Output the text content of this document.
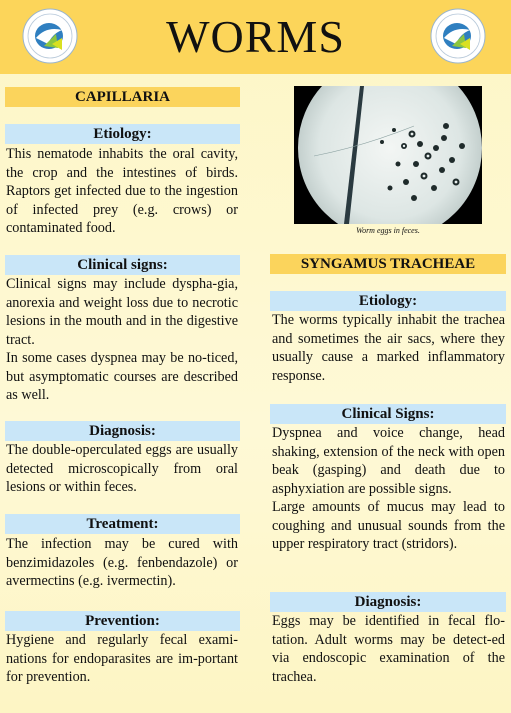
WORMS
CAPILLARIA
Etiology:

This nematode inhabits the oral cavity, the crop and the intestines of birds. Raptors get infected due to the ingestion of infected prey (e.g. crows) or contaminated food.

Clinical signs:

Clinical signs may include dyspha-gia, anorexia and weight loss due to necrotic lesions in the mouth and in the digestive tract.

In some cases dyspnea may be no-ticed, but asymptomatic courses are described as well.

Diagnosis:

The double-operculated eggs are usually detected microscopically from oral lesions or within feces.

Treatment:

The infection may be cured with benzimidazoles (e.g. fenbendazole) or avermectins (e.g. ivermectin).

Prevention:

Hygiene and regularly fecal exami-nations for endoparasites are im-portant for prevention.

Worm eggs in feces.
SYNGAMUS TRACHEAE
Etiology:

The worms typically inhabit the trachea and sometimes the air sacs, where they usually cause a marked inflammatory response.

Clinical Signs:

Dyspnea and voice change, head shaking, extension of the neck with open beak (gasping) and death due to asphyxiation are possible signs.

Large amounts of mucus may lead to coughing and unusual sounds from the upper respiratory tract (stridors).

Diagnosis:

Eggs may be identified in fecal flo-tation. Adult worms may be detect-ed via endoscopic examination of the trachea.
